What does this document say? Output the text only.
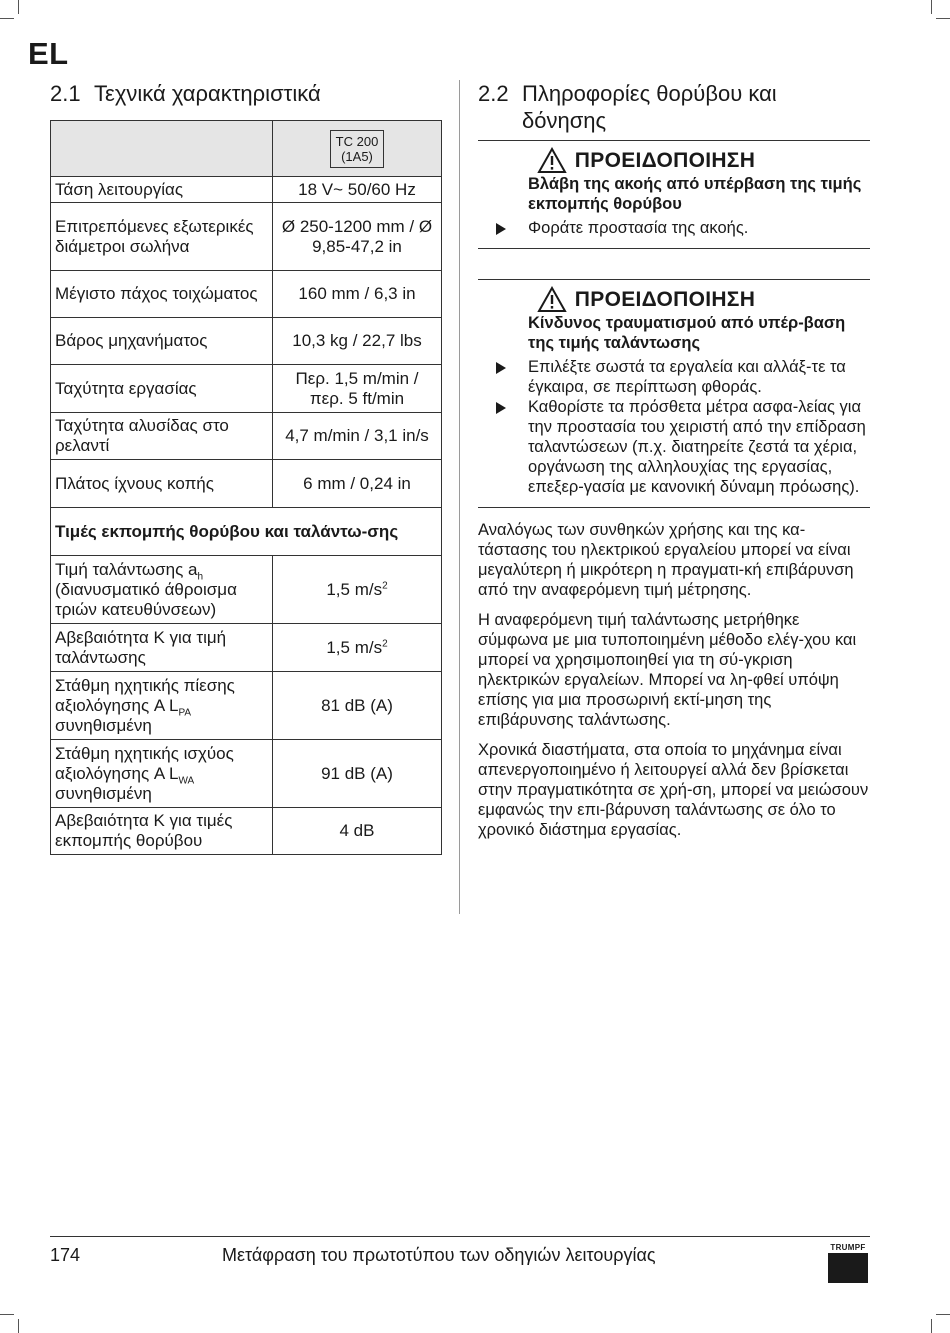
EL
2.1 Τεχνικά χαρακτηριστικά

	TC 200
(1A5)

Τάση λειτουργίας	18 V~ 50/60 Hz
Επιτρεπόμενες εξωτερικές διάμετροι σωλήνα	Ø 250-1200 mm / Ø 9,85-47,2 in
Μέγιστο πάχος τοιχώματος	160 mm / 6,3 in
Βάρος μηχανήματος	10,3 kg / 22,7 lbs
Ταχύτητα εργασίας	Περ. 1,5 m/min / περ. 5 ft/min
Ταχύτητα αλυσίδας στο ρελαντί	4,7 m/min / 3,1 in/s
Πλάτος ίχνους κοπής	6 mm / 0,24 in
Τιμές εκπομπής θορύβου και ταλάντω-σης	
Τιμή ταλάντωσης $a_h$
(διανυσματικό άθροισμα τριών κατευθύνσεων)	1,5 $m/s^2$
Αβεβαιότητα K για τιμή ταλάντωσης	1,5 $m/s^2$
Στάθμη ηχητικής πίεσης αξιολόγησης A $L_{PA}$
συνηθισμένη	81 dB (A)
Στάθμη ηχητικής ισχύος αξιολόγησης A $L_{WA}$
συνηθισμένη	91 dB (A)
Αβεβαιότητα K για τιμές εκπομπής θορύβου	4 dB
2.2 Πληροφορίες θορύβου και δόνησης
ΠΡΟΕΙΔΟΠΟΙΗΣΗ
Βλάβη της ακοής από υπέρβαση της τιμής εκπομπής θορύβου
Φοράτε προστασία της ακοής.
ΠΡΟΕΙΔΟΠΟΙΗΣΗ
Κίνδυνος τραυματισμού από υπέρ-βαση της τιμής ταλάντωσης
Επιλέξτε σωστά τα εργαλεία και αλλάξ-τε τα έγκαιρα, σε περίπτωση φθοράς.
Καθορίστε τα πρόσθετα μέτρα ασφα-λείας για την προστασία του χειριστή από την επίδραση ταλαντώσεων (π.χ. διατηρείτε ζεστά τα χέρια, οργάνωση της αλληλουχίας της εργασίας, επεξερ-γασία με κανονική δύναμη πρόωσης).

Αναλόγως των συνθηκών χρήσης και της κα-τάστασης του ηλεκτρικού εργαλείου μπορεί να είναι μεγαλύτερη ή μικρότερη η πραγματι-κή επιβάρυνση από την αναφερόμενη τιμή μέτρησης.

Η αναφερόμενη τιμή ταλάντωσης μετρήθηκε σύμφωνα με μια τυποποιημένη μέθοδο ελέγ-χου και μπορεί να χρησιμοποιηθεί για τη σύ-γκριση ηλεκτρικών εργαλείων. Μπορεί να λη-φθεί υπόψη επίσης για μια προσωρινή εκτί-μηση της επιβάρυνσης ταλάντωσης.

Χρονικά διαστήματα, στα οποία το μηχάνημα είναι απενεργοποιημένο ή λειτουργεί αλλά δεν βρίσκεται στην πραγματικότητα σε χρή-ση, μπορεί να μειώσουν εμφανώς την επι-βάρυνση ταλάντωσης σε όλο το χρονικό διάστημα εργασίας.

174	Μετάφραση του πρωτοτύπου των οδηγιών λειτουργίας	TRUMPF
